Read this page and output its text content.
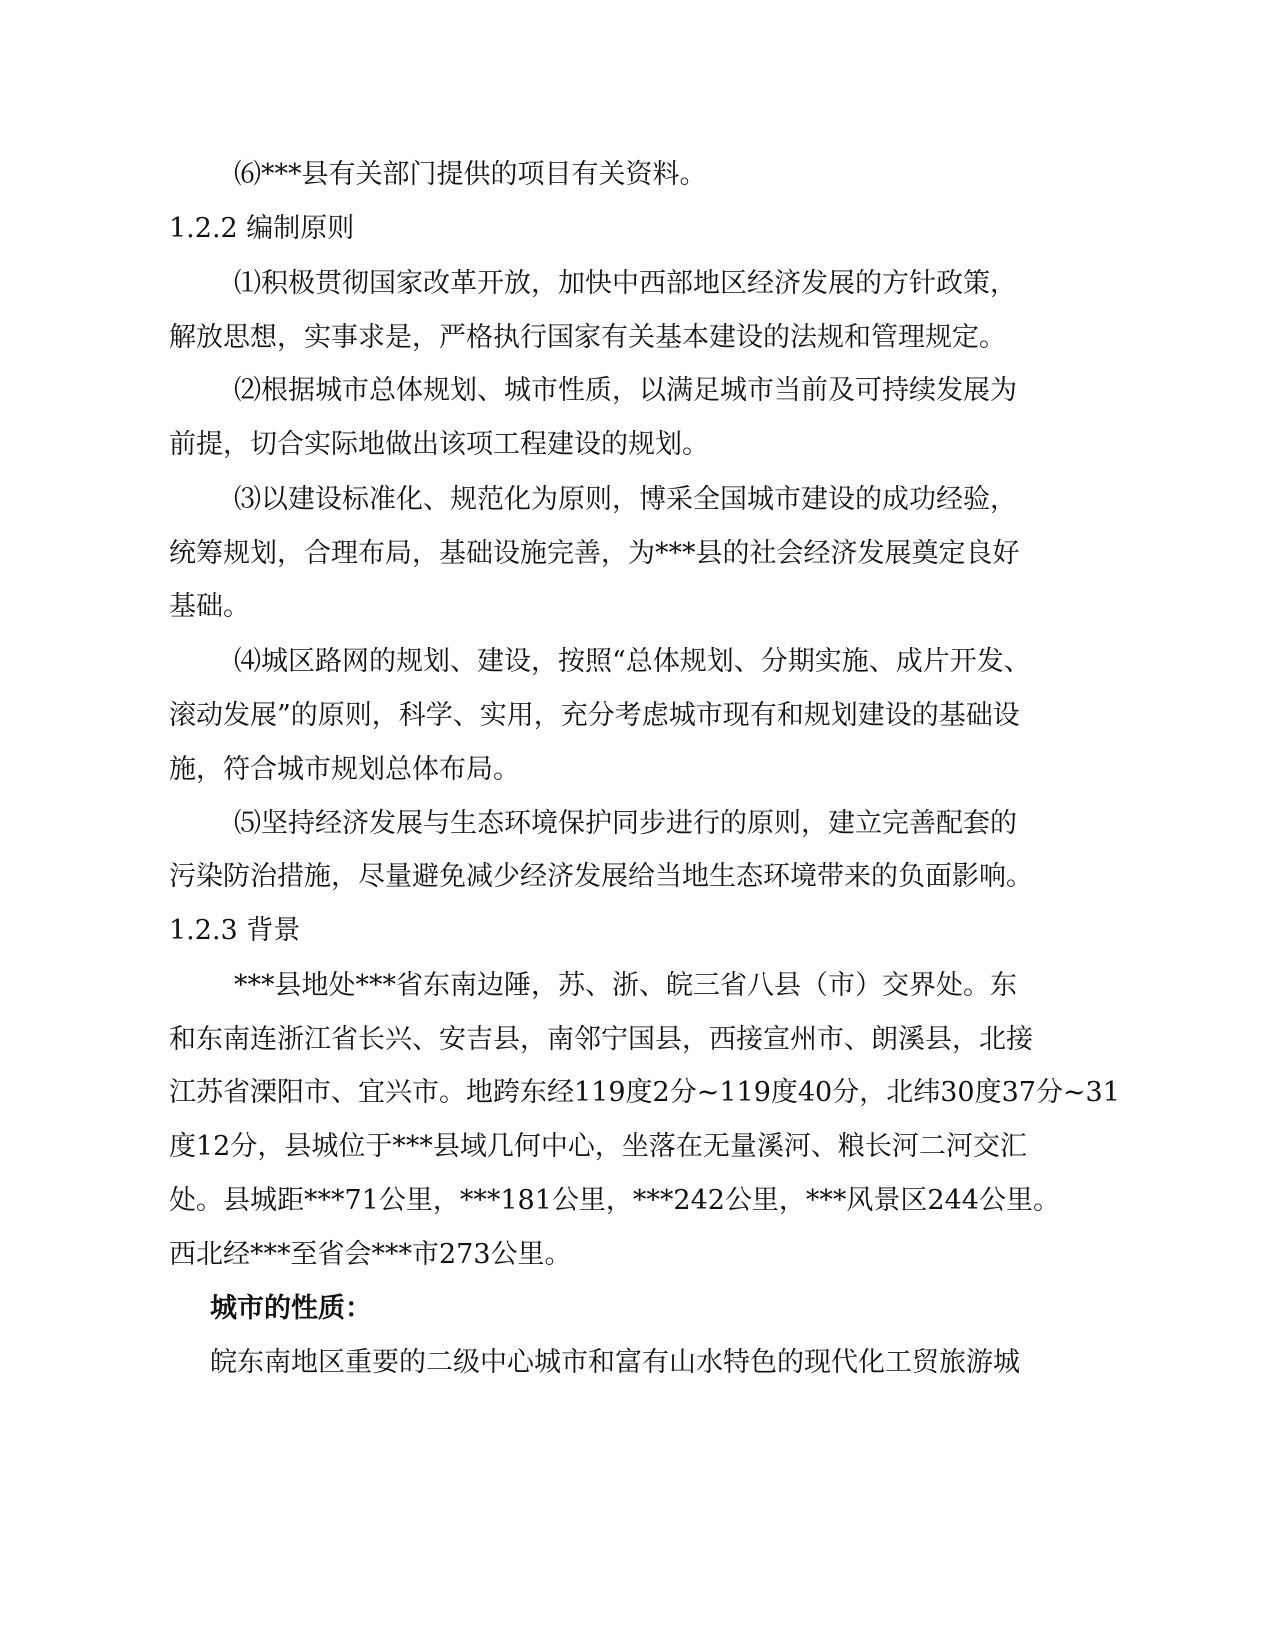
⑹***县有关部门提供的项目有关资料。
1.2.2 编制原则
⑴积极贯彻国家改革开放，加快中西部地区经济发展的方针政策，
解放思想，实事求是，严格执行国家有关基本建设的法规和管理规定。
⑵根据城市总体规划、城市性质，以满足城市当前及可持续发展为
前提，切合实际地做出该项工程建设的规划。
⑶以建设标准化、规范化为原则，博采全国城市建设的成功经验，
统筹规划，合理布局，基础设施完善，为***县的社会经济发展奠定良好
基础。
⑷城区路网的规划、建设，按照“总体规划、分期实施、成片开发、
滚动发展”的原则，科学、实用，充分考虑城市现有和规划建设的基础设
施，符合城市规划总体布局。
⑸坚持经济发展与生态环境保护同步进行的原则，建立完善配套的
污染防治措施，尽量避免减少经济发展给当地生态环境带来的负面影响。
1.2.3 背景
***县地处***省东南边陲，苏、浙、皖三省八县（市）交界处。东
和东南连浙江省长兴、安吉县，南邻宁国县，西接宣州市、朗溪县，北接
江苏省溧阳市、宜兴市。地跨东经119度2分~119度40分，北纬30度37分~31
度12分，县城位于***县域几何中心，坐落在无量溪河、粮长河二河交汇
处。县城距***71公里，***181公里，***242公里，***风景区244公里。
西北经***至省会***市273公里。
城市的性质：
皖东南地区重要的二级中心城市和富有山水特色的现代化工贸旅游城
